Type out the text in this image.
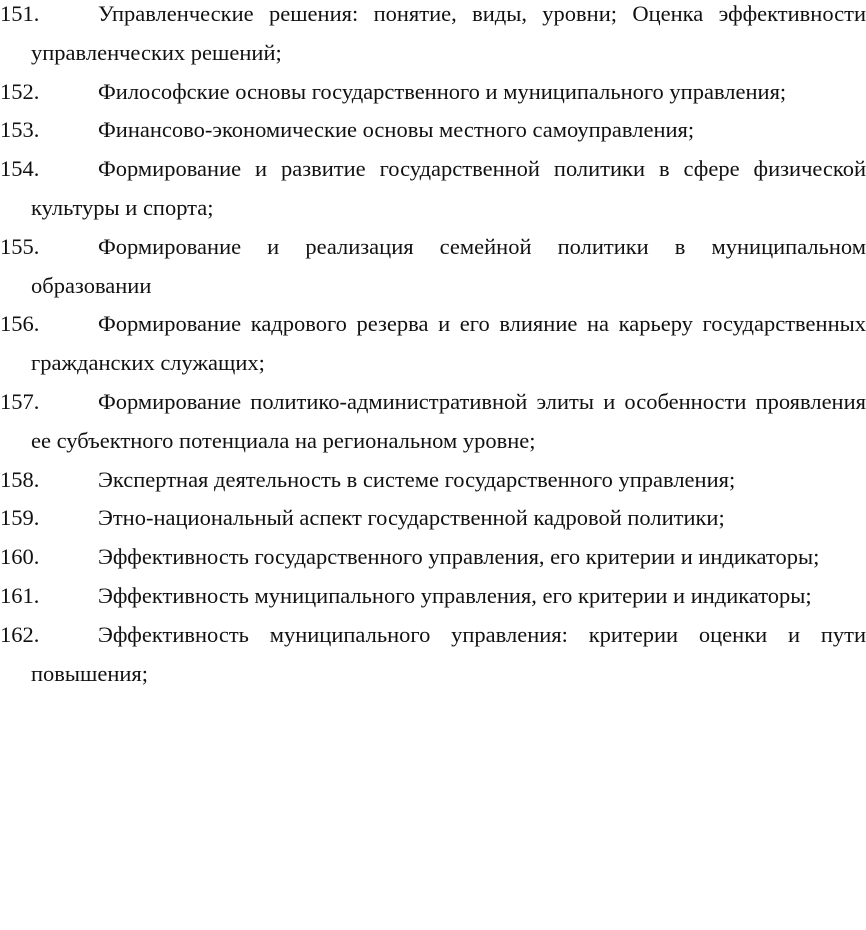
151.	Управленческие решения: понятие, виды, уровни; Оценка эффективности управленческих решений;

152.	Философские основы государственного и муниципального управления;

153.	Финансово-экономические основы местного самоуправления;

154.	Формирование и развитие государственной политики в сфере физической культуры и спорта;

155.	Формирование и реализация семейной политики в муниципальном образовании

156.	Формирование кадрового резерва и его влияние на карьеру государственных гражданских служащих;

157.	Формирование политико-административной элиты и особенности проявления ее субъектного потенциала на региональном уровне;

158.	Экспертная деятельность в системе государственного управления;

159.	Этно-национальный аспект государственной кадровой политики;

160.	Эффективность государственного управления, его критерии и индикаторы;

161.	Эффективность муниципального управления, его критерии и индикаторы;

162.	Эффективность муниципального управления: критерии оценки и пути повышения;
